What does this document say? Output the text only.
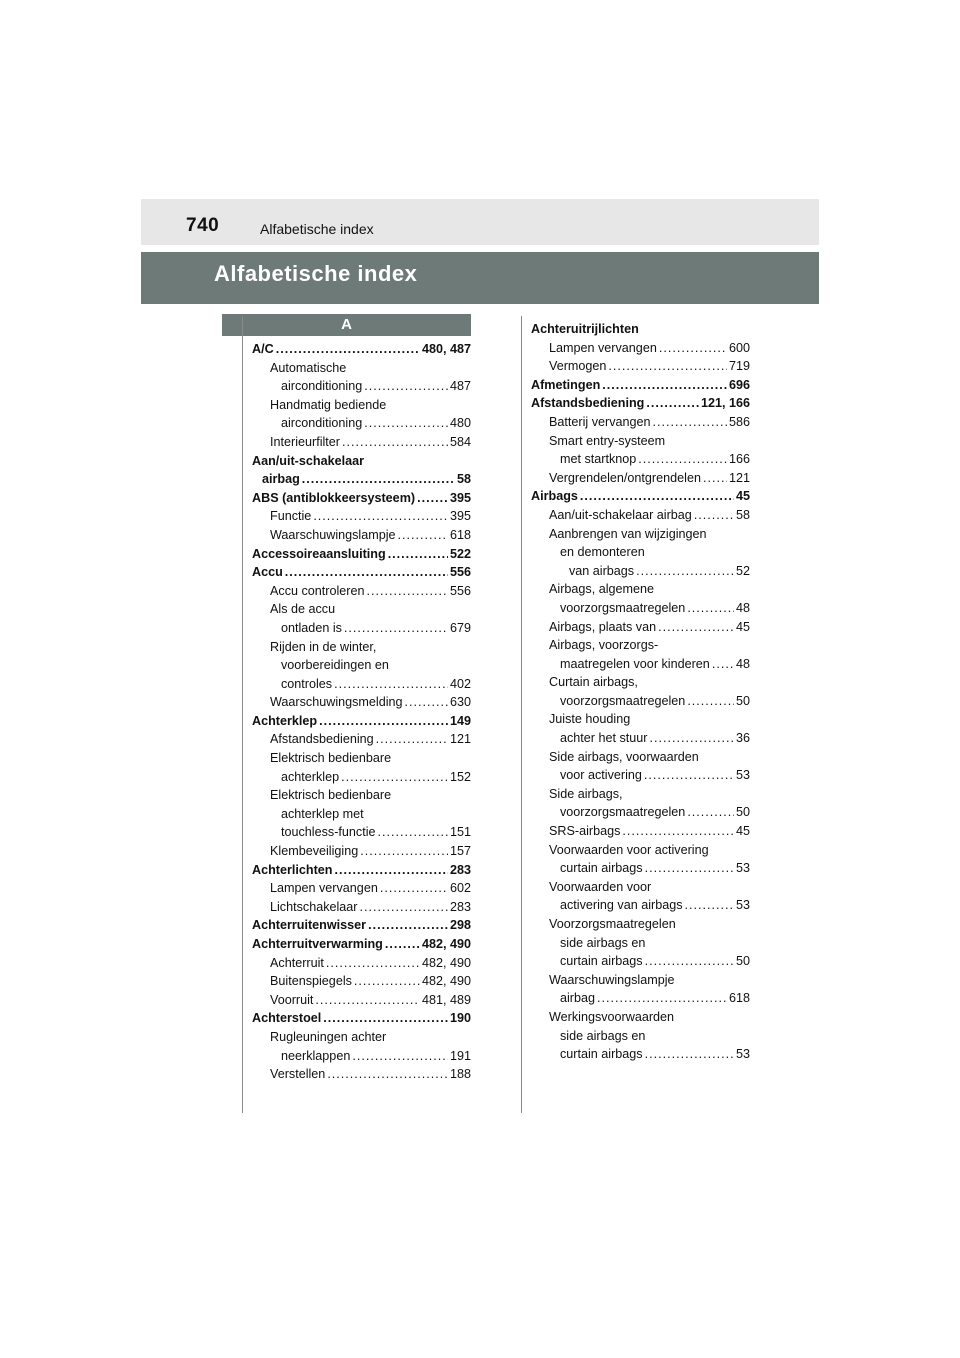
740	Alfabetische index
Alfabetische index
A
A/C .....	480, 487
Automatische
airconditioning .....	487
Handmatig bediende
airconditioning .....	480
Interieurfilter .....	584
Aan/uit-schakelaar
airbag .....	58
ABS (antiblokkeersysteem) .....	395
Functie .....	395
Waarschuwingslampje .....	618
Accessoireaansluiting .....	522
Accu .....	556
Accu controleren .....	556
Als de accu
ontladen is .....	679
Rijden in de winter,
voorbereidingen en
controles .....	402
Waarschuwingsmelding .....	630
Achterklep .....	149
Afstandsbediening .....	121
Elektrisch bedienbare
achterklep .....	152
Elektrisch bedienbare
achterklep met
touchless-functie .....	151
Klembeveiliging .....	157
Achterlichten .....	283
Lampen vervangen .....	602
Lichtschakelaar .....	283
Achterruitenwisser .....	298
Achterruitverwarming .....	482, 490
Achterruit .....	482, 490
Buitenspiegels .....	482, 490
Voorruit .....	481, 489
Achterstoel .....	190
Rugleuningen achter
neerklappen .....	191
Verstellen .....	188
Achteruitrijlichten
Lampen vervangen .....	600
Vermogen .....	719
Afmetingen .....	696
Afstandsbediening .....	121, 166
Batterij vervangen .....	586
Smart entry-systeem
met startknop .....	166
Vergrendelen/ontgrendelen ..... 121
Airbags .....	45
Aan/uit-schakelaar airbag .....	58
Aanbrengen van wijzigingen
en demonteren
van airbags .....	52
Airbags, algemene
voorzorgsmaatregelen .....	48
Airbags, plaats van .....	45
Airbags, voorzorgs-
maatregelen voor kinderen ..... 48
Curtain airbags,
voorzorgsmaatregelen .....	50
Juiste houding
achter het stuur .....	36
Side airbags, voorwaarden
voor activering .....	53
Side airbags,
voorzorgsmaatregelen .....	50
SRS-airbags .....	45
Voorwaarden voor activering
curtain airbags .....	53
Voorwaarden voor
activering van airbags .....	53
Voorzorgsmaatregelen
side airbags en
curtain airbags .....	50
Waarschuwingslampje
airbag .....	618
Werkingsvoorwaarden
side airbags en
curtain airbags .....	53
